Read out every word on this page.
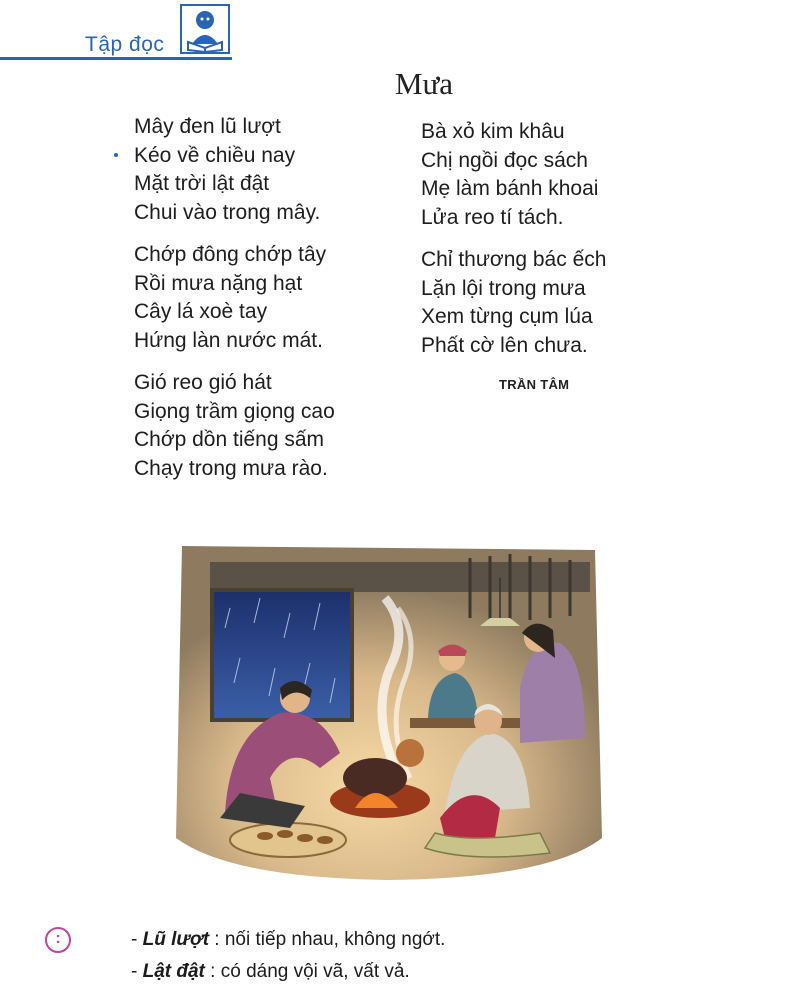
Tập đọc
Mưa
Mây đen lũ lượt
Kéo về chiều nay
Mặt trời lật đật
Chui vào trong mây.
Chớp đông chớp tây
Rồi mưa nặng hạt
Cây lá xoè tay
Hứng làn nước mát.
Gió reo gió hát
Giọng trầm giọng cao
Chớp dồn tiếng sấm
Chạy trong mưa rào.
Bà xỏ kim khâu
Chị ngồi đọc sách
Mẹ làm bánh khoai
Lửa reo tí tách.
Chỉ thương bác ếch
Lặn lội trong mưa
Xem từng cụm lúa
Phất cờ lên chưa.
TRẦN TÂM
:	- Lũ lượt : nối tiếp nhau, không ngớt.
- Lật đật : có dáng vội vã, vất vả.
